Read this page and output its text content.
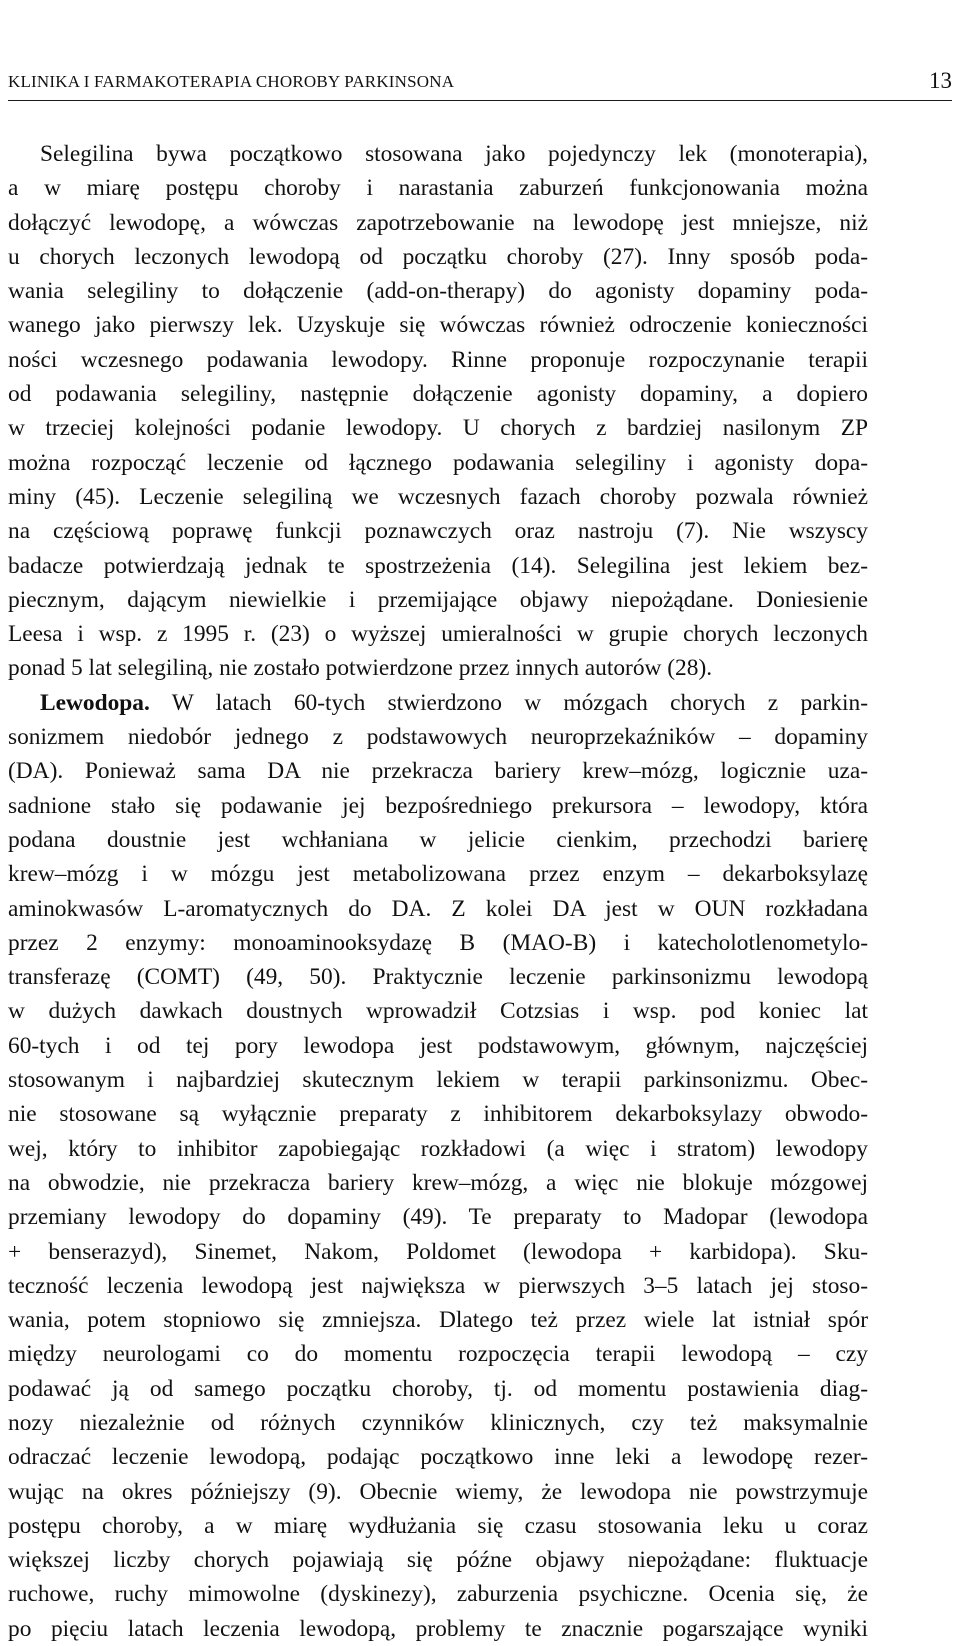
KLINIKA I FARMAKOTERAPIA CHOROBY PARKINSONA	13
Selegilina bywa początkowo stosowana jako pojedynczy lek (monoterapia),
a w miarę postępu choroby i narastania zaburzeń funkcjonowania można
dołączyć lewodopę, a wówczas zapotrzebowanie na lewodopę jest mniejsze, niż
u chorych leczonych lewodopą od początku choroby (27). Inny sposób poda-
wania selegiliny to dołączenie (add-on-therapy) do agonisty dopaminy poda-
wanego jako pierwszy lek. Uzyskuje się wówczas również odroczenie konieczności
ności wczesnego podawania lewodopy. Rinne proponuje rozpoczynanie terapii
od podawania selegiliny, następnie dołączenie agonisty dopaminy, a dopiero
w trzeciej kolejności podanie lewodopy. U chorych z bardziej nasilonym ZP
można rozpocząć leczenie od łącznego podawania selegiliny i agonisty dopa-
miny (45). Leczenie selegiliną we wczesnych fazach choroby pozwala również
na częściową poprawę funkcji poznawczych oraz nastroju (7). Nie wszyscy
badacze potwierdzają jednak te spostrzeżenia (14). Selegilina jest lekiem bez-
piecznym, dającym niewielkie i przemijające objawy niepożądane. Doniesienie
Leesa i wsp. z 1995 r. (23) o wyższej umieralności w grupie chorych leczonych
ponad 5 lat selegiliną, nie zostało potwierdzone przez innych autorów (28).
Lewodopa. W latach 60-tych stwierdzono w mózgach chorych z parkin-
sonizmem niedobór jednego z podstawowych neuroprzekaźników – dopaminy
(DA). Ponieważ sama DA nie przekracza bariery krew–mózg, logicznie uza-
sadnione stało się podawanie jej bezpośredniego prekursora – lewodopy, która
podana doustnie jest wchłaniana w jelicie cienkim, przechodzi barierę
krew–mózg i w mózgu jest metabolizowana przez enzym – dekarboksylazę
aminokwasów L-aromatycznych do DA. Z kolei DA jest w OUN rozkładana
przez 2 enzymy: monoaminooksydazę B (MAO-B) i katecholotlenometylo-
transferazę (COMT) (49, 50). Praktycznie leczenie parkinsonizmu lewodopą
w dużych dawkach doustnych wprowadził Cotzsias i wsp. pod koniec lat
60-tych i od tej pory lewodopa jest podstawowym, głównym, najczęściej
stosowanym i najbardziej skutecznym lekiem w terapii parkinsonizmu. Obec-
nie stosowane są wyłącznie preparaty z inhibitorem dekarboksylazy obwodo-
wej, który to inhibitor zapobiegając rozkładowi (a więc i stratom) lewodopy
na obwodzie, nie przekracza bariery krew–mózg, a więc nie blokuje mózgowej
przemiany lewodopy do dopaminy (49). Te preparaty to Madopar (lewodopa
+ benserazyd), Sinemet, Nakom, Poldomet (lewodopa + karbidopa). Sku-
teczność leczenia lewodopą jest największa w pierwszych 3–5 latach jej stoso-
wania, potem stopniowo się zmniejsza. Dlatego też przez wiele lat istniał spór
między neurologami co do momentu rozpoczęcia terapii lewodopą – czy
podawać ją od samego początku choroby, tj. od momentu postawienia diag-
nozy niezależnie od różnych czynników klinicznych, czy też maksymalnie
odraczać leczenie lewodopą, podając początkowo inne leki a lewodopę rezer-
wując na okres późniejszy (9). Obecnie wiemy, że lewodopa nie powstrzymuje
postępu choroby, a w miarę wydłużania się czasu stosowania leku u coraz
większej liczby chorych pojawiają się późne objawy niepożądane: fluktuacje
ruchowe, ruchy mimowolne (dyskinezy), zaburzenia psychiczne. Ocenia się, że
po pięciu latach leczenia lewodopą, problemy te znacznie pogarszające wyniki
